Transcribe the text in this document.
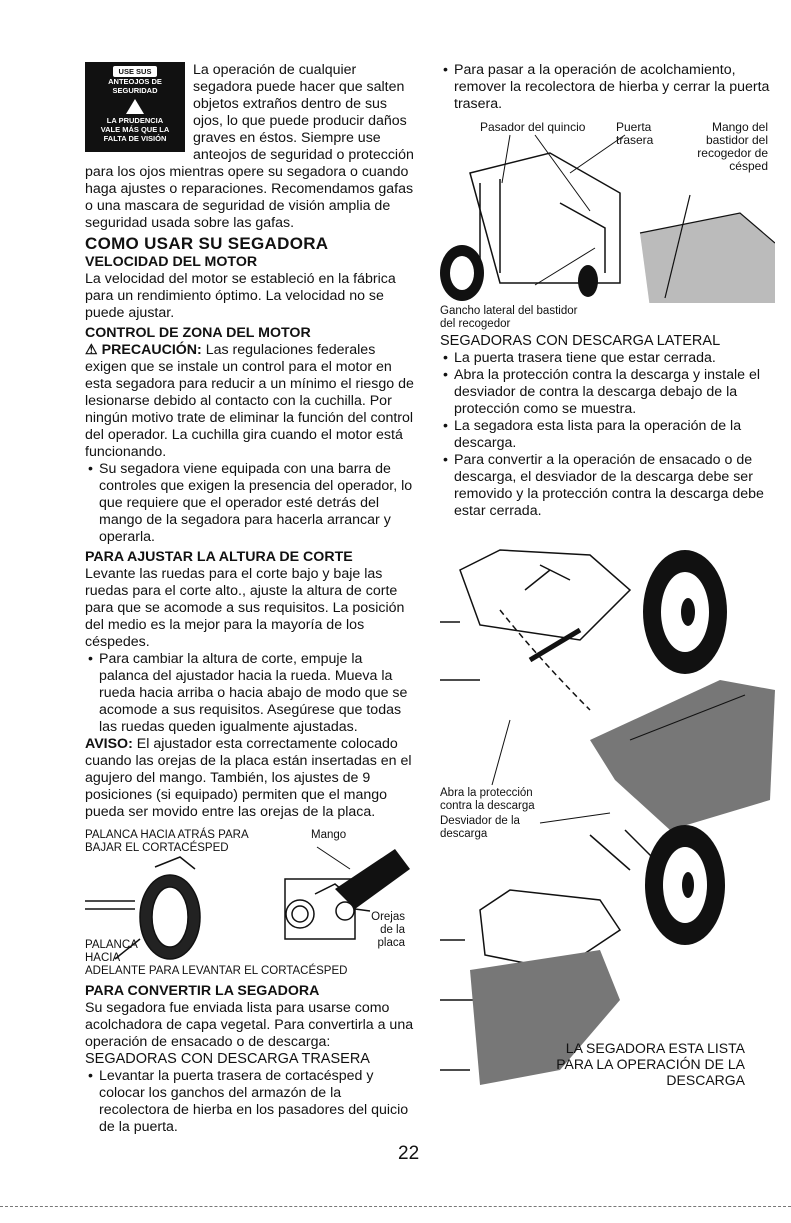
USE SUS
ANTEOJOS DE
SEGURIDAD
LA PRUDENCIA
VALE MÁS QUE LA
FALTA DE VISIÓN

La operación de cualquier segadora puede hacer que salten objetos extraños dentro de sus ojos, lo que puede producir daños graves en éstos. Siempre use anteojos de seguridad o protección para los ojos mientras opere su segadora o cuando haga ajustes o reparaciones. Recomendamos gafas o una mascara de seguridad de visión amplia de seguridad usada sobre las gafas.

COMO USAR SU SEGADORA
VELOCIDAD DEL MOTOR

La velocidad del motor se estableció en la fábrica para un rendimiento óptimo. La velocidad no se puede ajustar.

CONTROL DE ZONA DEL MOTOR

⚠ PRECAUCIÓN: Las regulaciones federales exigen que se instale un control para el motor en esta segadora para reducir a un mínimo el riesgo de lesionarse debido al contacto con la cuchilla. Por ningún motivo trate de eliminar la función del control del operador. La cuchilla gira cuando el motor está funcionando.

• Su segadora viene equipada con una barra de controles que exigen la presencia del operador, lo que requiere que el operador esté detrás del mango de la segadora para hacerla arrancar y operarla.
PARA AJUSTAR LA ALTURA DE CORTE

Levante las ruedas para el corte bajo y baje las ruedas para el corte alto., ajuste la altura de corte para que se acomode a sus requisitos. La posición del medio es la mejor para la mayoría de los céspedes.

• Para cambiar la altura de corte, empuje la palanca del ajustador hacia la rueda. Mueva la rueda hacia arriba o hacia abajo de modo que se acomode a sus requisitos. Asegúrese que todas las ruedas queden igualmente ajustadas.

AVISO: El ajustador esta correctamente colocado cuando las orejas de la placa están insertadas en el agujero del mango. También, los ajustes de 9 posiciones (si equipado) permiten que el mango pueda ser movido entre las orejas de la placa.

PALANCA HACIA ATRÁS PARA BAJAR EL CORTACÉSPED
Mango
Orejas de la placa
PALANCA HACIA
ADELANTE PARA LEVANTAR EL CORTACÉSPED
PARA CONVERTIR LA SEGADORA

Su segadora fue enviada lista para usarse como acolchadora de capa vegetal. Para convertirla a una operación de ensacado o de descarga:

SEGADORAS CON DESCARGA TRASERA

• Levantar la puerta trasera de cortacésped y colocar los ganchos del armazón de la recolectora de hierba en los pasadores del quicio de la puerta.
• Para pasar a la operación de acolchamiento, remover la recolectora de hierba y cerrar la puerta trasera.
Pasador del quincio	Puerta trasera
Mango del bastidor del recogedor de césped
Gancho lateral del bastidor del recogedor

SEGADORAS CON DESCARGA LATERAL

• La puerta trasera tiene que estar cerrada.
• Abra la protección contra la descarga y instale el desviador de contra la descarga debajo de la protección como se muestra.
• La segadora esta lista para la operación de la descarga.
• Para convertir a la operación de ensacado o de descarga, el desviador de la descarga debe ser removido y la protección contra la descarga debe estar cerrada.
Abra la protección contra la descarga
Desviador de la descarga
LA SEGADORA ESTA LISTA PARA LA OPERACIÓN DE LA DESCARGA
22
